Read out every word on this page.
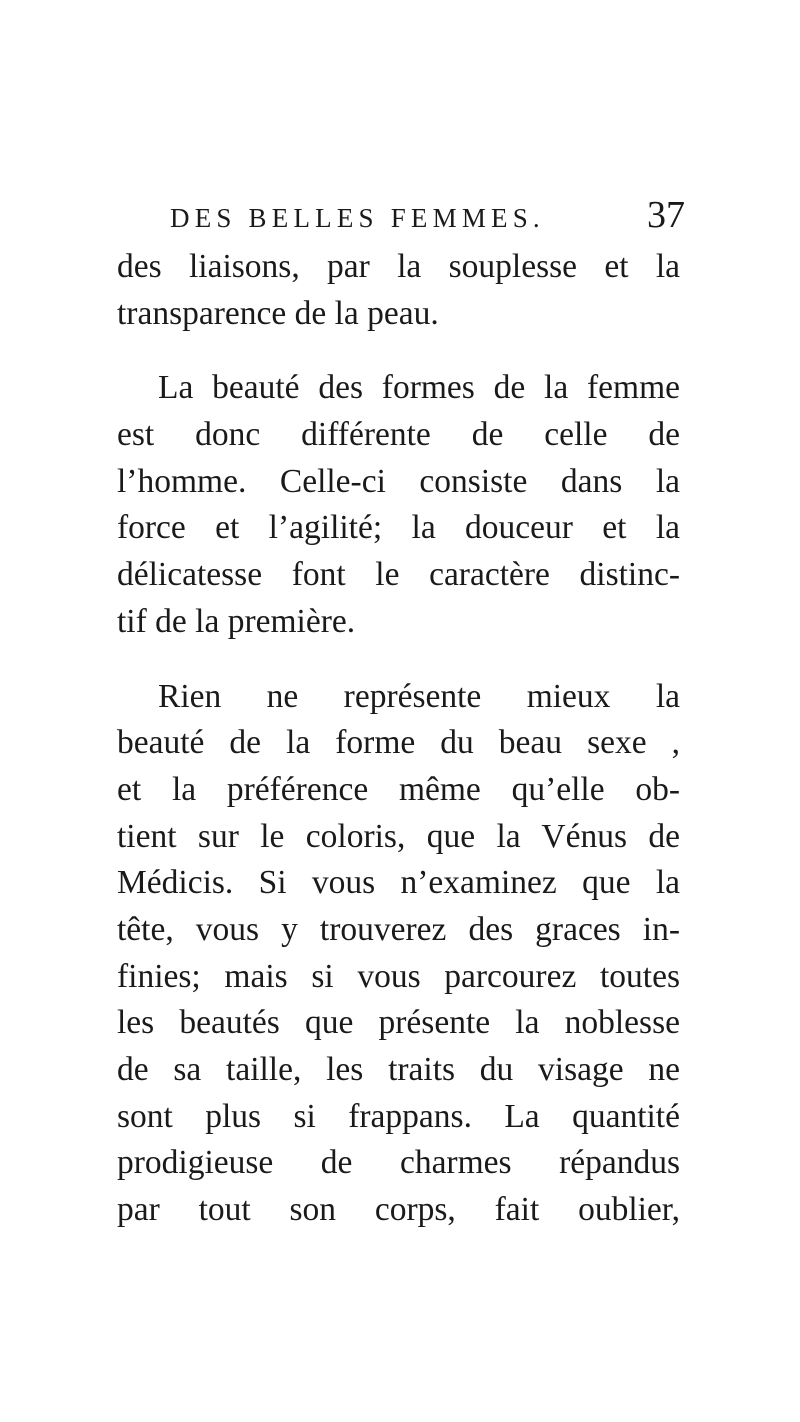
DES BELLES FEMMES.	37
des liaisons, par la souplesse et la
transparence de la peau.
La beauté des formes de la femme
est donc différente de celle de
l’homme. Celle-ci consiste dans la
force et l’agilité; la douceur et la
délicatesse font le caractère distinc-
tif de la première.
Rien ne représente mieux la
beauté de la forme du beau sexe ,
et la préférence même qu’elle ob-
tient sur le coloris, que la Vénus de
Médicis. Si vous n’examinez que la
tête, vous y trouverez des graces in-
finies; mais si vous parcourez toutes
les beautés que présente la noblesse
de sa taille, les traits du visage ne
sont plus si frappans. La quantité
prodigieuse de charmes répandus
par tout son corps, fait oublier,
